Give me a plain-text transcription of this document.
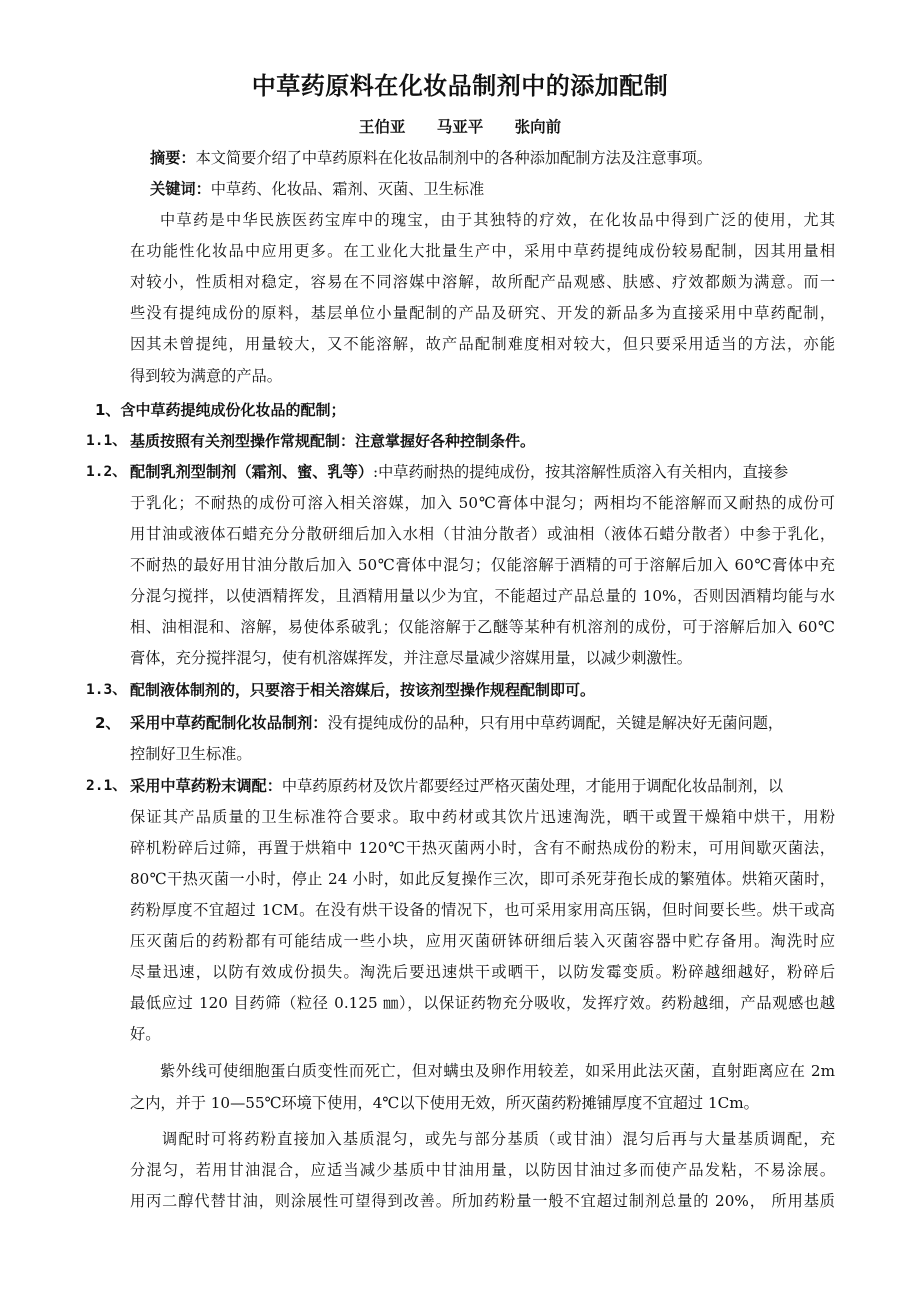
中草药原料在化妆品制剂中的添加配制
王伯亚 马亚平 张向前
摘要：本文简要介绍了中草药原料在化妆品制剂中的各种添加配制方法及注意事项。
关键词：中草药、化妆品、霜剂、灭菌、卫生标准
中草药是中华民族医药宝库中的瑰宝，由于其独特的疗效，在化妆品中得到广泛的使用，尤其
在功能性化妆品中应用更多。在工业化大批量生产中，采用中草药提纯成份较易配制，因其用量相
对较小，性质相对稳定，容易在不同溶媒中溶解，故所配产品观感、肤感、疗效都颇为满意。而一
些没有提纯成份的原料，基层单位小量配制的产品及研究、开发的新品多为直接采用中草药配制，
因其未曾提纯，用量较大，又不能溶解，故产品配制难度相对较大，但只要采用适当的方法，亦能
得到较为满意的产品。
1、含中草药提纯成份化妆品的配制；
1.1、 基质按照有关剂型操作常规配制：注意掌握好各种控制条件。
1.2、 配制乳剂型制剂（霜剂、蜜、乳等）:中草药耐热的提纯成份，按其溶解性质溶入有关相内，直接参
于乳化；不耐热的成份可溶入相关溶媒，加入 50℃膏体中混匀；两相均不能溶解而又耐热的成份可
用甘油或液体石蜡充分分散研细后加入水相（甘油分散者）或油相（液体石蜡分散者）中参于乳化，
不耐热的最好用甘油分散后加入 50℃膏体中混匀；仅能溶解于酒精的可于溶解后加入 60℃膏体中充
分混匀搅拌，以使酒精挥发，且酒精用量以少为宜，不能超过产品总量的 10%，否则因酒精均能与水
相、油相混和、溶解，易使体系破乳；仅能溶解于乙醚等某种有机溶剂的成份，可于溶解后加入 60℃
膏体，充分搅拌混匀，使有机溶媒挥发，并注意尽量减少溶媒用量，以减少刺激性。
1.3、 配制液体制剂的，只要溶于相关溶媒后，按该剂型操作规程配制即可。
2、 采用中草药配制化妆品制剂：没有提纯成份的品种，只有用中草药调配，关键是解决好无菌问题，
控制好卫生标准。
2.1、 采用中草药粉末调配：中草药原药材及饮片都要经过严格灭菌处理，才能用于调配化妆品制剂，以
保证其产品质量的卫生标准符合要求。取中药材或其饮片迅速淘洗，晒干或置干燥箱中烘干，用粉
碎机粉碎后过筛，再置于烘箱中 120℃干热灭菌两小时，含有不耐热成份的粉末，可用间歇灭菌法，
80℃干热灭菌一小时，停止 24 小时，如此反复操作三次，即可杀死芽孢长成的繁殖体。烘箱灭菌时，
药粉厚度不宜超过 1CM。在没有烘干设备的情况下，也可采用家用高压锅，但时间要长些。烘干或高
压灭菌后的药粉都有可能结成一些小块，应用灭菌研钵研细后装入灭菌容器中贮存备用。淘洗时应
尽量迅速，以防有效成份损失。淘洗后要迅速烘干或晒干，以防发霉变质。粉碎越细越好，粉碎后
最低应过 120 目药筛（粒径 0.125 ㎜），以保证药物充分吸收，发挥疗效。药粉越细，产品观感也越
好。
紫外线可使细胞蛋白质变性而死亡，但对螨虫及卵作用较差，如采用此法灭菌，直射距离应在 2m
之内，并于 10—55℃环境下使用，4℃以下使用无效，所灭菌药粉摊铺厚度不宜超过 1Cm。
调配时可将药粉直接加入基质混匀，或先与部分基质（或甘油）混匀后再与大量基质调配，充
分混匀，若用甘油混合，应适当减少基质中甘油用量，以防因甘油过多而使产品发粘，不易涂展。
用丙二醇代替甘油，则涂展性可望得到改善。所加药粉量一般不宜超过制剂总量的 20%， 所用基质
